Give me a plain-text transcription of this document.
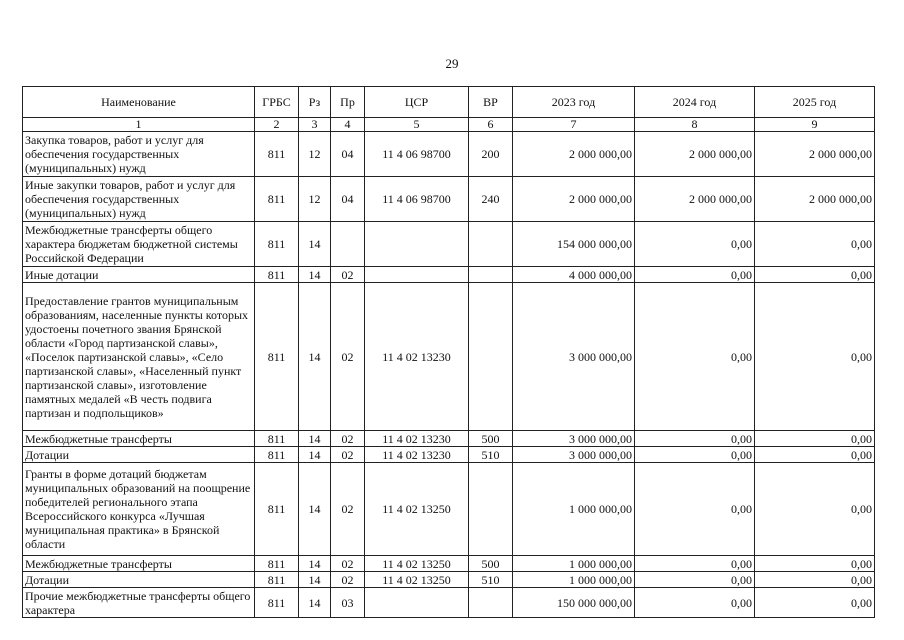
29
Наименование	ГРБС	Рз	Пр	ЦСР	ВР	2023 год	2024 год	2025 год
1	2	3	4	5	6	7	8	9
Закупка товаров, работ и услуг для обеспечения государственных (муниципальных) нужд	811	12	04	11 4 06 98700	200	2 000 000,00	2 000 000,00	2 000 000,00
Иные закупки товаров, работ и услуг для обеспечения государственных (муниципальных) нужд	811	12	04	11 4 06 98700	240	2 000 000,00	2 000 000,00	2 000 000,00
Межбюджетные трансферты общего характера бюджетам бюджетной системы Российской Федерации	811	14				154 000 000,00	0,00	0,00
Иные дотации	811	14	02			4 000 000,00	0,00	0,00
Предоставление грантов муниципальным образованиям, населенные пункты которых удостоены почетного звания Брянской области «Город партизанской славы», «Поселок партизанской славы», «Село партизанской славы», «Населенный пункт партизанской славы», изготовление памятных медалей «В честь подвига партизан и подпольщиков»	811	14	02	11 4 02 13230		3 000 000,00	0,00	0,00
Межбюджетные трансферты	811	14	02	11 4 02 13230	500	3 000 000,00	0,00	0,00
Дотации	811	14	02	11 4 02 13230	510	3 000 000,00	0,00	0,00
Гранты в форме дотаций бюджетам муниципальных образований на поощрение победителей регионального этапа Всероссийского конкурса «Лучшая муниципальная практика» в Брянской области	811	14	02	11 4 02 13250		1 000 000,00	0,00	0,00
Межбюджетные трансферты	811	14	02	11 4 02 13250	500	1 000 000,00	0,00	0,00
Дотации	811	14	02	11 4 02 13250	510	1 000 000,00	0,00	0,00
Прочие межбюджетные трансферты общего характера	811	14	03			150 000 000,00	0,00	0,00
